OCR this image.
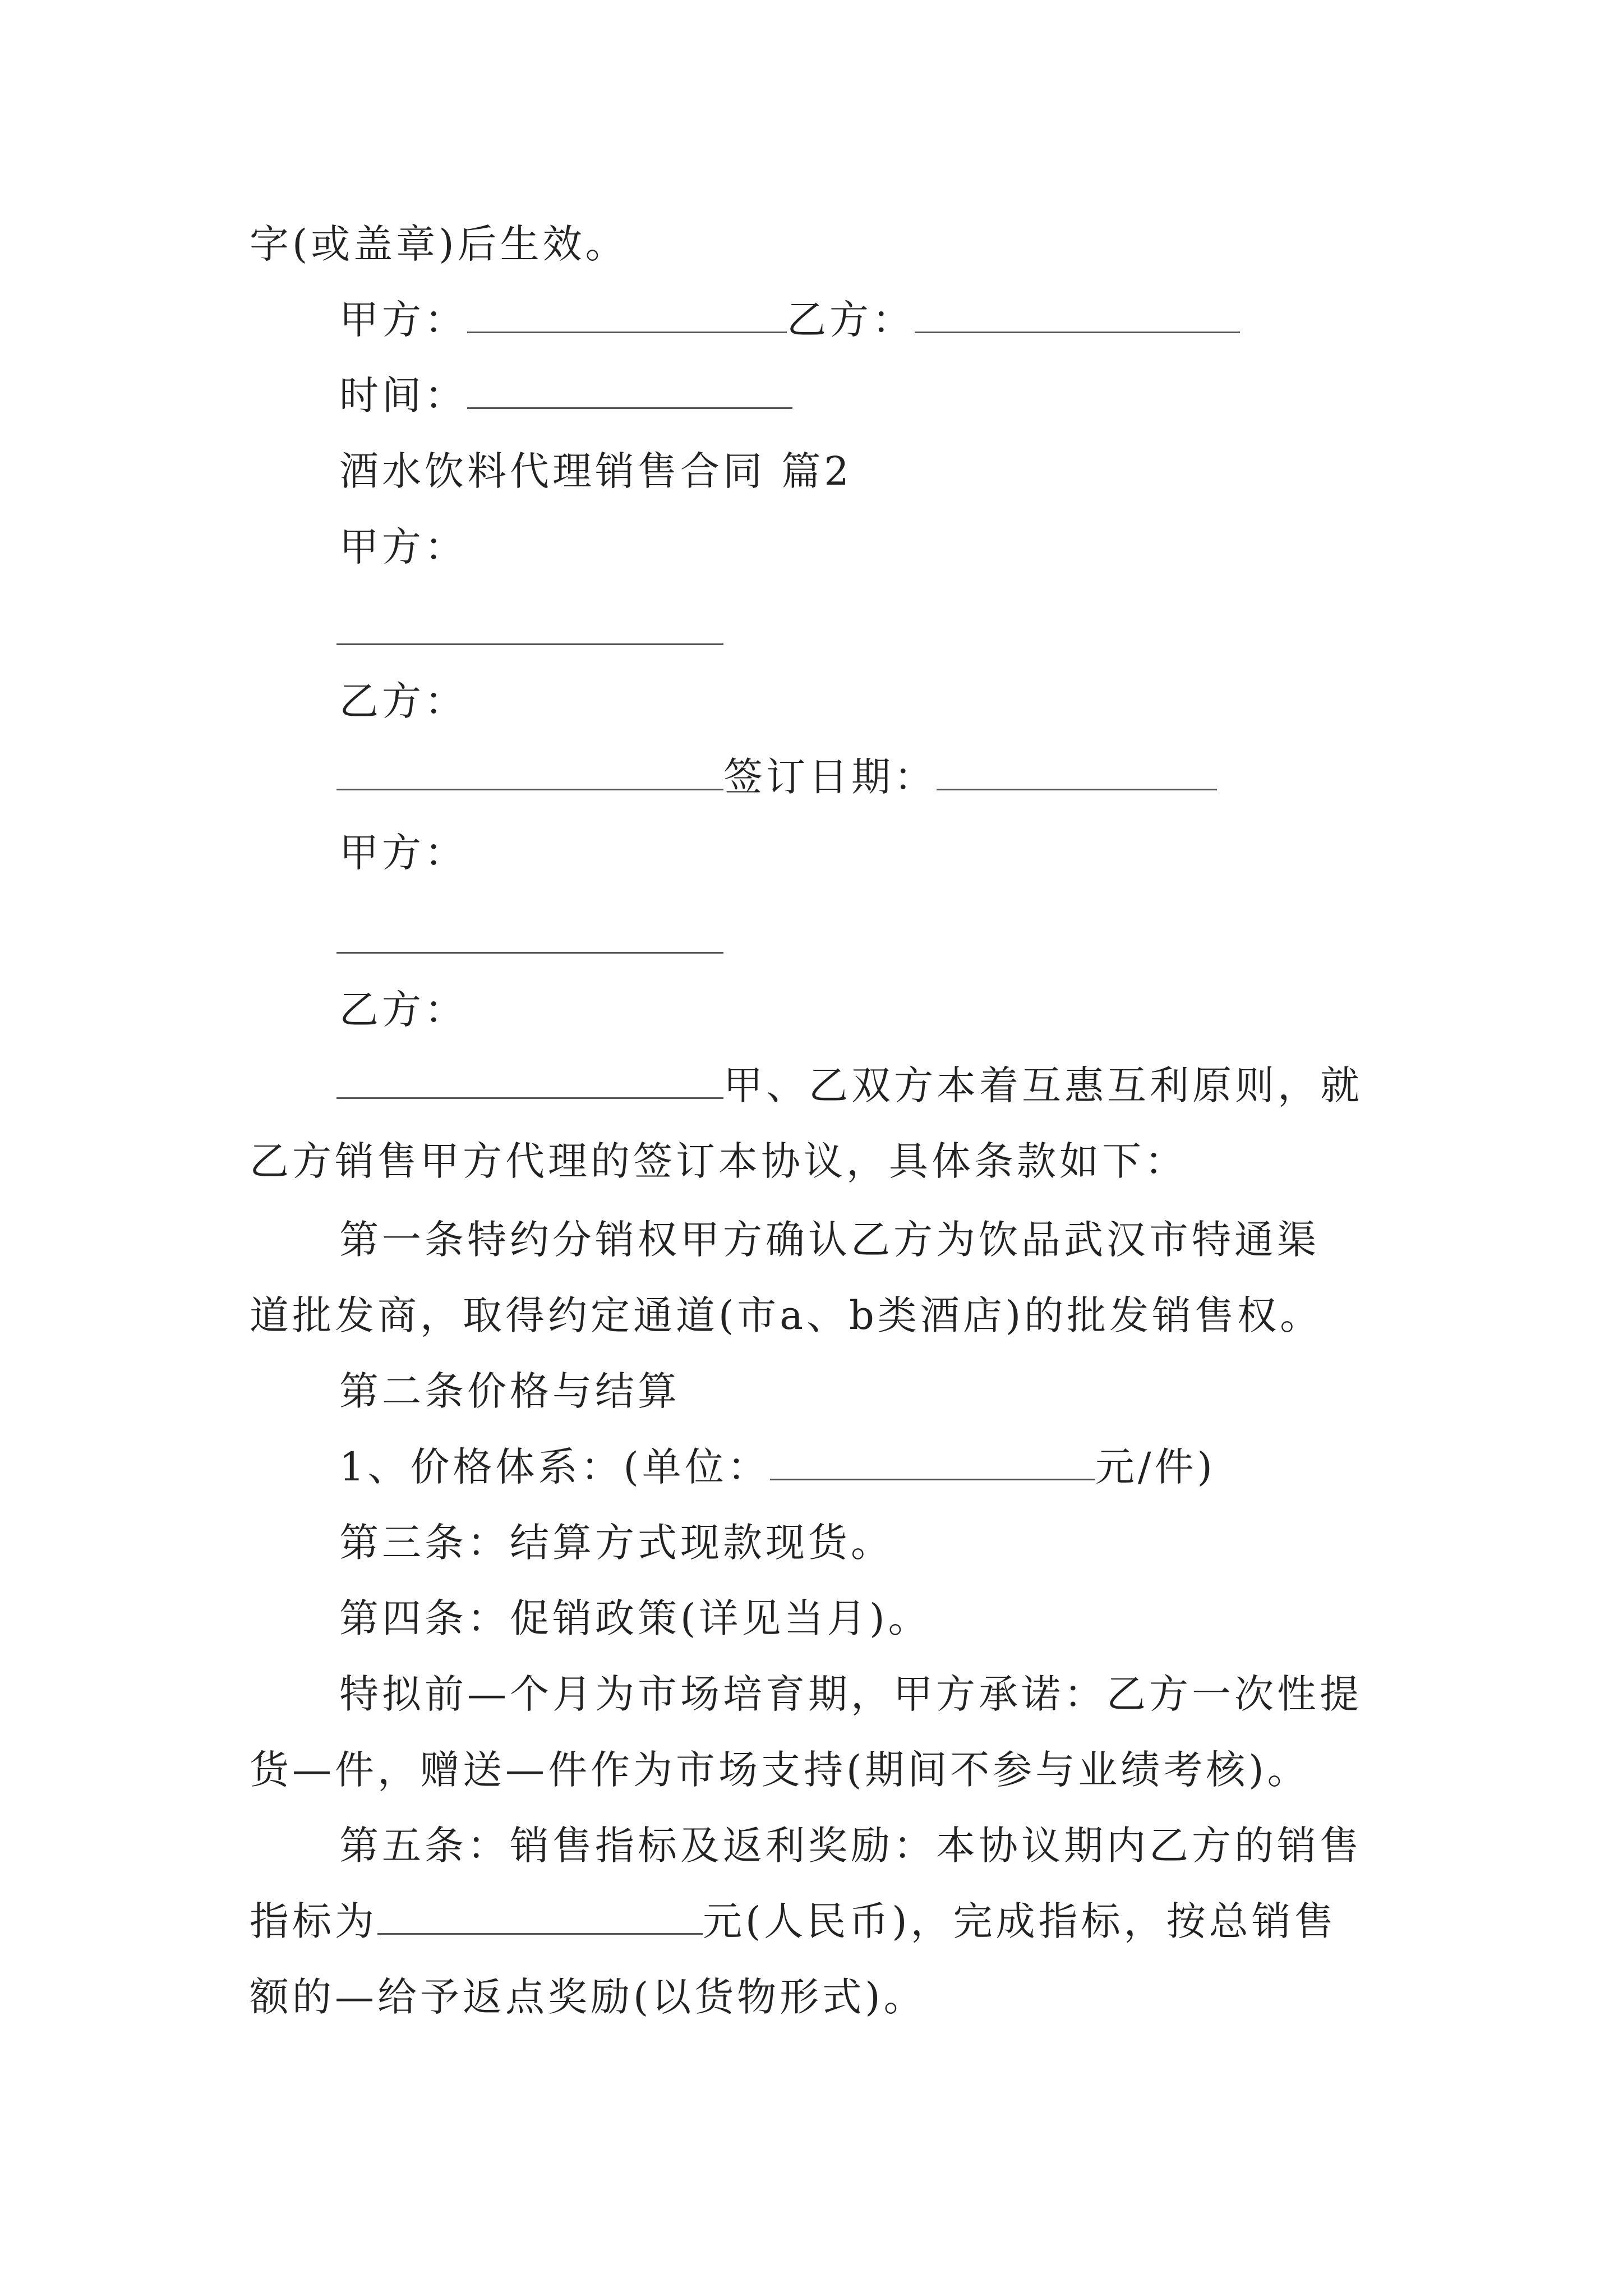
字(或盖章)后生效。
甲方：	乙方：
时间：
酒水饮料代理销售合同 篇2
甲方：
乙方：
签订日期：
甲方：
乙方：
甲、乙双方本着互惠互利原则，就
乙方销售甲方代理的签订本协议，具体条款如下：
第一条特约分销权甲方确认乙方为饮品武汉市特通渠
道批发商，取得约定通道(市a、b类酒店)的批发销售权。
第二条价格与结算
1、价格体系：(单位：	元/件)
第三条：结算方式现款现货。
第四条：促销政策(详见当月)。
特拟前—个月为市场培育期，甲方承诺：乙方一次性提
货—件，赠送—件作为市场支持(期间不参与业绩考核)。
第五条：销售指标及返利奖励：本协议期内乙方的销售
指标为	元(人民币)，完成指标，按总销售
额的—给予返点奖励(以货物形式)。
